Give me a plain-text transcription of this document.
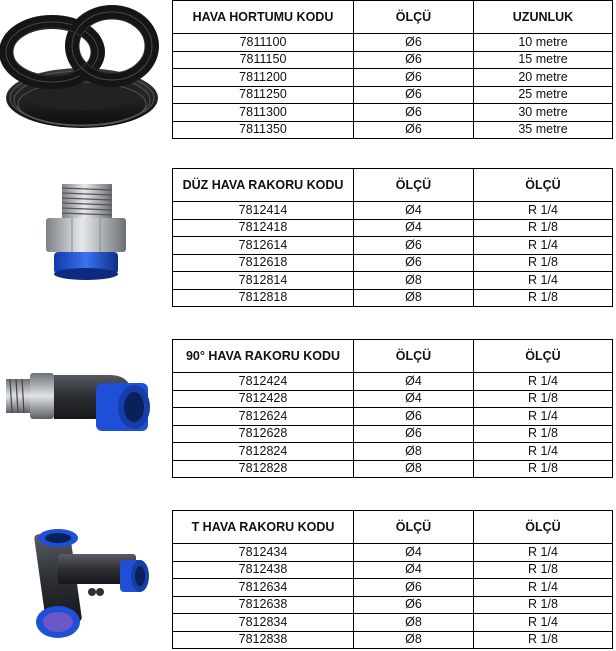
HAVA HORTUMU KODU	ÖLÇÜ	UZUNLUK
7811100	Ø6	10 metre
7811150	Ø6	15 metre
7811200	Ø6	20 metre
7811250	Ø6	25 metre
7811300	Ø6	30 metre
7811350	Ø6	35 metre
DÜZ HAVA RAKORU KODU	ÖLÇÜ	ÖLÇÜ
7812414	Ø4	R 1/4
7812418	Ø4	R 1/8
7812614	Ø6	R 1/4
7812618	Ø6	R 1/8
7812814	Ø8	R 1/4
7812818	Ø8	R 1/8
90° HAVA RAKORU KODU	ÖLÇÜ	ÖLÇÜ
7812424	Ø4	R 1/4
7812428	Ø4	R 1/8
7812624	Ø6	R 1/4
7812628	Ø6	R 1/8
7812824	Ø8	R 1/4
7812828	Ø8	R 1/8
T HAVA RAKORU KODU	ÖLÇÜ	ÖLÇÜ
7812434	Ø4	R 1/4
7812438	Ø4	R 1/8
7812634	Ø6	R 1/4
7812638	Ø6	R 1/8
7812834	Ø8	R 1/4
7812838	Ø8	R 1/8
